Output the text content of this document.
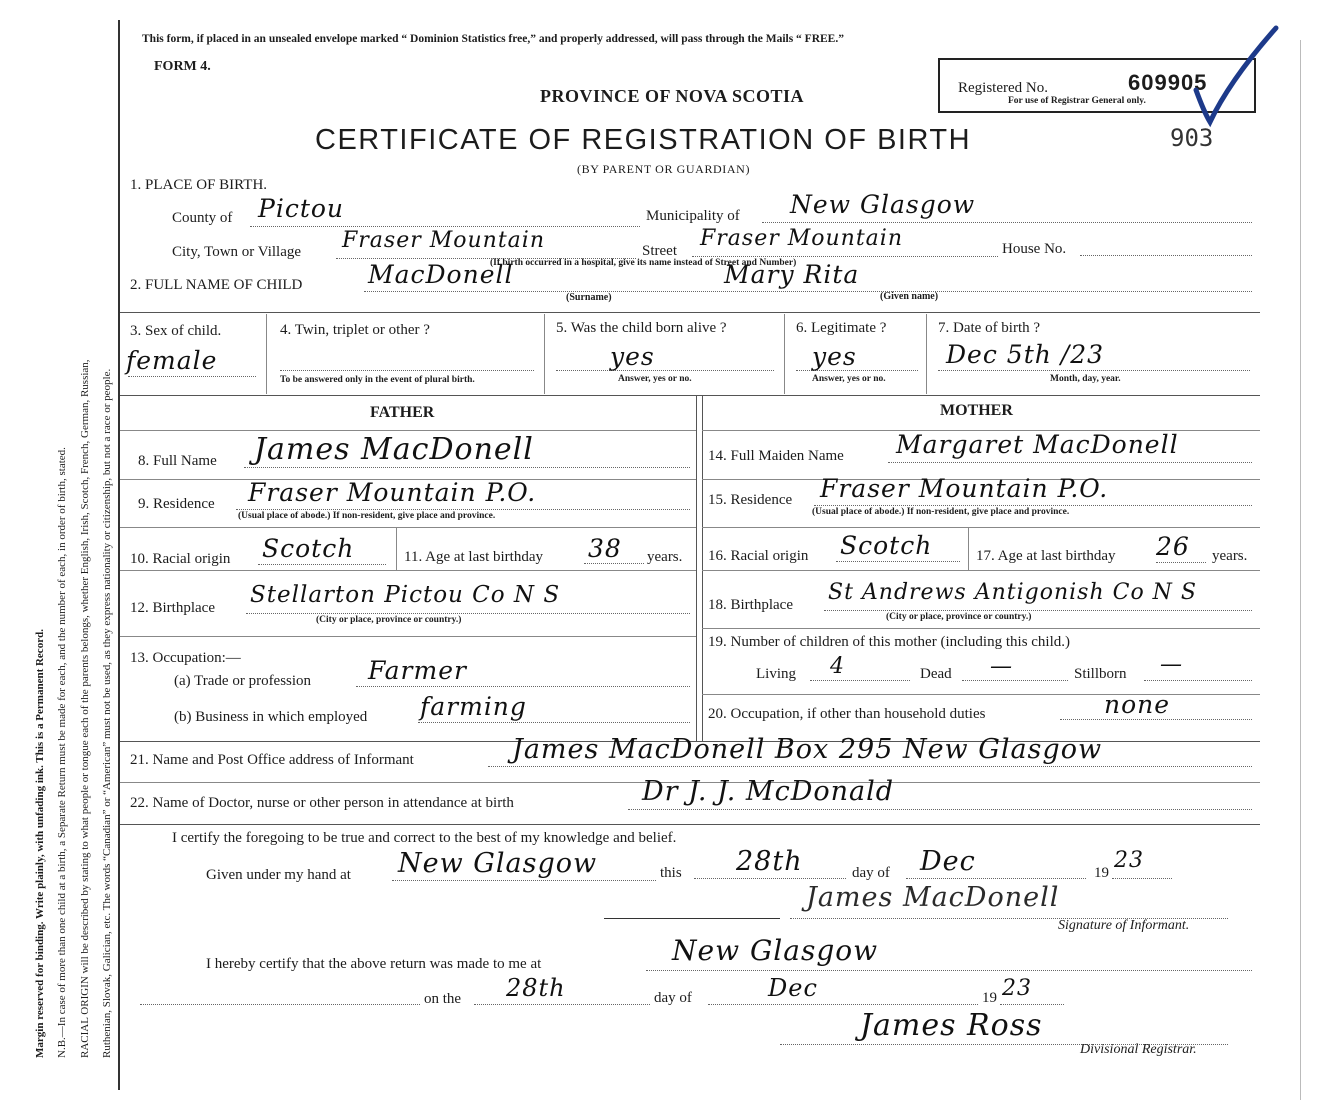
Margin reserved for binding. Write plainly, with unfading ink. This is a Permanent Record. N.B.—In case of more than one child at a birth, a Separate Return must be made for each, and the number of each, in order of birth, stated. RACIAL ORIGIN will be described by stating to what people or tongue each of the parents belongs, whether English, Irish, Scotch, French, German, Russian, Ruthenian, Slovak, Galician, etc. The words “Canadian” or “American” must not be used, as they express nationality or citizenship, but not a race or people.
This form, if placed in an unsealed envelope marked “ Dominion Statistics free,” and properly addressed, will pass through the Mails “ FREE.”
FORM 4.
PROVINCE OF NOVA SCOTIA
CERTIFICATE OF REGISTRATION OF BIRTH
(BY PARENT OR GUARDIAN)
Registered No.	609905
For use of Registrar General only.
903
1. PLACE OF BIRTH.
County of Pictou	Municipality of New Glasgow
City, Town or Village Fraser Mountain	Street Fraser Mountain	House No.
(If birth occurred in a hospital, give its name instead of Street and Number)
2. FULL NAME OF CHILD	MacDonell	Mary Rita
(Surname)	(Given name)
3. Sex of child.
female
4. Twin, triplet or other ?
To be answered only in the event of plural birth.
5. Was the child born alive ?
yes
Answer, yes or no.
6. Legitimate ?
yes
Answer, yes or no.
7. Date of birth ?
Dec 5th /23
Month, day, year.
FATHER	MOTHER
8. Full Name James MacDonell
9. Residence Fraser Mountain P.O.
(Usual place of abode.) If non-resident, give place and province.
10. Racial origin Scotch	11. Age at last birthday 38 years.
12. Birthplace Stellarton Pictou Co N S
(City or place, province or country.)
13. Occupation:—
(a) Trade or profession Farmer
(b) Business in which employed farming
14. Full Maiden Name Margaret MacDonell
15. Residence Fraser Mountain P.O.
(Usual place of abode.) If non-resident, give place and province.
16. Racial origin Scotch	17. Age at last birthday 26 years.
18. Birthplace St Andrews Antigonish Co N S
(City or place, province or country.)
19. Number of children of this mother (including this child.)
Living 4	Dead —	Stillborn —
20. Occupation, if other than household duties	none
21. Name and Post Office address of Informant	James MacDonell Box 295 New Glasgow
22. Name of Doctor, nurse or other person in attendance at birth	Dr J. J. McDonald
I certify the foregoing to be true and correct to the best of my knowledge and belief.
Given under my hand at New Glasgow	this 28th	day of Dec	19 23
James MacDonell
Signature of Informant.
I hereby certify that the above return was made to me at	New Glasgow
on the 28th	day of	Dec	19 23
James Ross
Divisional Registrar.
